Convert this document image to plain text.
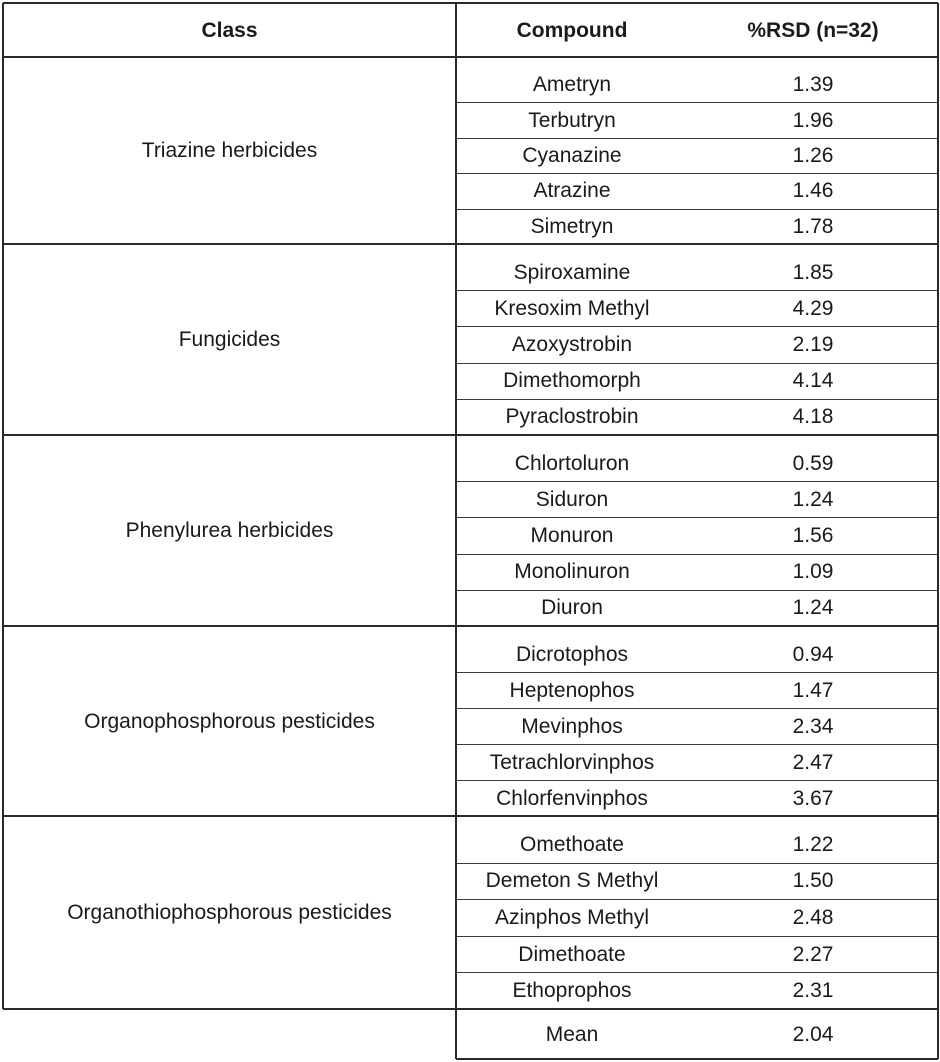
Class	Compound	%RSD (n=32)
Triazine herbicides
Ametryn	1.39
Terbutryn	1.96
Cyanazine	1.26
Atrazine	1.46
Simetryn	1.78
Fungicides
Spiroxamine	1.85
Kresoxim Methyl	4.29
Azoxystrobin	2.19
Dimethomorph	4.14
Pyraclostrobin	4.18
Phenylurea herbicides
Chlortoluron	0.59
Siduron	1.24
Monuron	1.56
Monolinuron	1.09
Diuron	1.24
Organophosphorous pesticides
Dicrotophos	0.94
Heptenophos	1.47
Mevinphos	2.34
Tetrachlorvinphos	2.47
Chlorfenvinphos	3.67
Organothiophosphorous pesticides
Omethoate	1.22
Demeton S Methyl	1.50
Azinphos Methyl	2.48
Dimethoate	2.27
Ethoprophos	2.31
Mean	2.04
